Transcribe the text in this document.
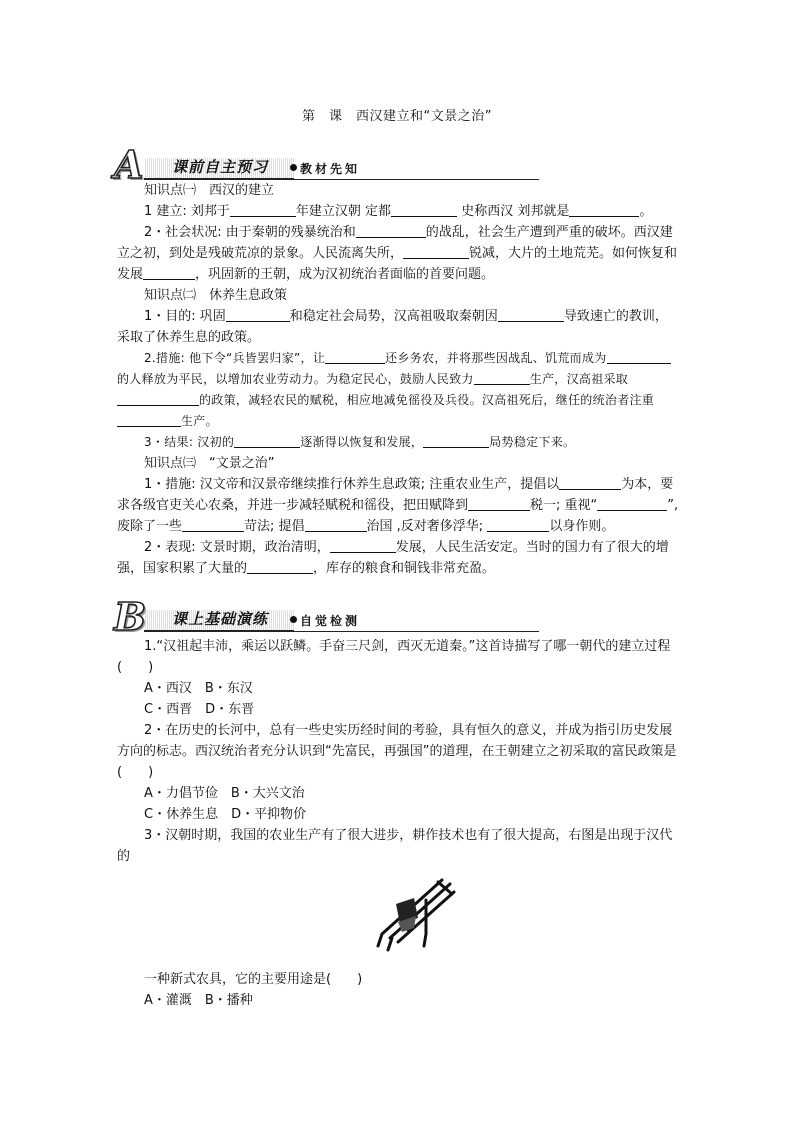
第　课　西汉建立和“文景之治”
A	课前自主预习	教材先知

知识点㈠　西汉的建立

1 建立: 刘邦于	年建立汉朝 定都	史称西汉 刘邦就是	。

2・社会状况: 由于秦朝的残暴统治和	的战乱，社会生产遭到严重的破坏。西汉建立之初，到处是残破荒凉的景象。人民流离失所，	锐减，大片的土地荒芜。如何恢复和发展	，巩固新的王朝，成为汉初统治者面临的首要问题。

知识点㈡　休养生息政策

1・目的: 巩固	和稳定社会局势，汉高祖吸取秦朝因	导致速亡的教训，采取了休养生息的政策。

2.措施: 他下令“兵皆罢归家”，让	还乡务农，并将那些因战乱、饥荒而成为的人释放为平民，以增加农业劳动力。为稳定民心，鼓励人民致力	生产，汉高祖采取的政策，减轻农民的赋税，相应地减免徭役及兵役。汉高祖死后，继任的统治者注重生产。

3・结果: 汉初的	逐渐得以恢复和发展，	局势稳定下来。

知识点㈢　“文景之治”

1・措施: 汉文帝和汉景帝继续推行休养生息政策; 注重农业生产，提倡以	为本，要求各级官吏关心农桑，并进一步减轻赋税和徭役，把田赋降到	税一; 重视“	”,废除了一些	苛法; 提倡	治国 ,反对奢侈浮华;	以身作则。

2・表现: 文景时期，政治清明，	发展，人民生活安定。当时的国力有了很大的增强，国家积累了大量的	，库存的粮食和铜钱非常充盈。

B	课上基础演练	自觉检测

1.“汉祖起丰沛，乘运以跃鳞。手奋三尺剑，西灭无道秦。”这首诗描写了哪一朝代的建立过程(　　)

A・西汉　B・东汉

C・西晋　D・东晋

2・在历史的长河中，总有一些史实历经时间的考验，具有恒久的意义，并成为指引历史发展方向的标志。西汉统治者充分认识到“先富民，再强国”的道理，在王朝建立之初采取的富民政策是(　　)

A・力倡节俭　B・大兴文治

C・休养生息　D・平抑物价

3・汉朝时期，我国的农业生产有了很大进步，耕作技术也有了很大提高，右图是出现于汉代的

一种新式农具，它的主要用途是(　　)

A・灌溉　B・播种
